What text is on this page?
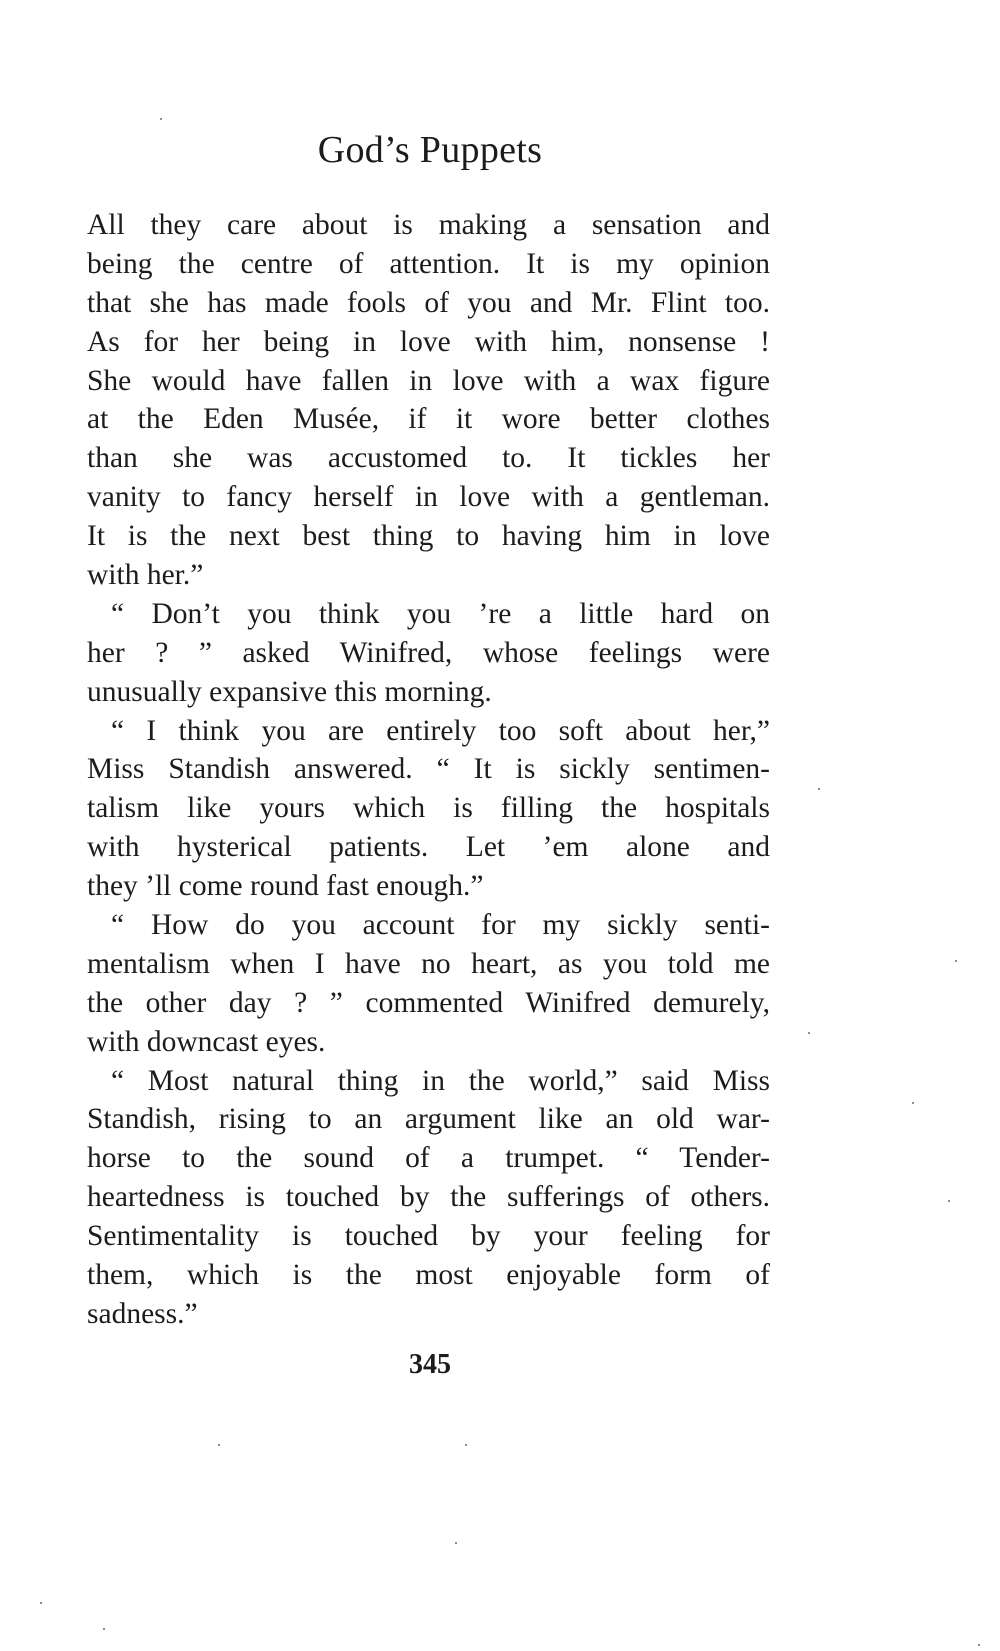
God’s Puppets
All they care about is making a sensation and
being the centre of attention. It is my opinion
that she has made fools of you and Mr. Flint too.
As for her being in love with him, nonsense !
She would have fallen in love with a wax figure
at the Eden Musée, if it wore better clothes
than she was accustomed to. It tickles her
vanity to fancy herself in love with a gentleman.
It is the next best thing to having him in love
with her.”
“ Don’t you think you ’re a little hard on
her ? ” asked Winifred, whose feelings were
unusually expansive this morning.
“ I think you are entirely too soft about her,”
Miss Standish answered. “ It is sickly sentimen-
talism like yours which is filling the hospitals
with hysterical patients. Let ’em alone and
they ’ll come round fast enough.”
“ How do you account for my sickly senti-
mentalism when I have no heart, as you told me
the other day ? ” commented Winifred demurely,
with downcast eyes.
“ Most natural thing in the world,” said Miss
Standish, rising to an argument like an old war-
horse to the sound of a trumpet. “ Tender-
heartedness is touched by the sufferings of others.
Sentimentality is touched by your feeling for
them, which is the most enjoyable form of
sadness.”
345
